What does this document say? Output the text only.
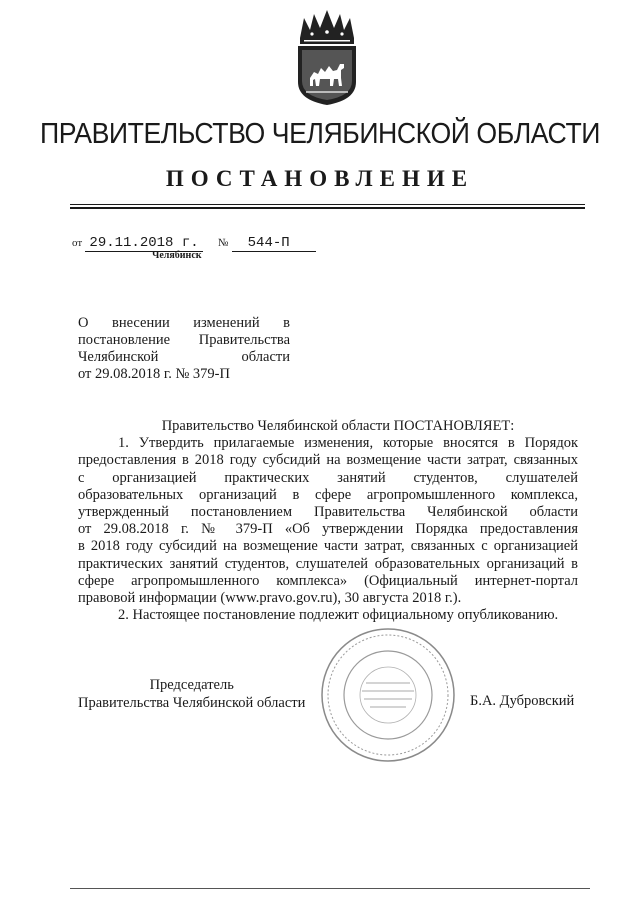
ПРАВИТЕЛЬСТВО ЧЕЛЯБИНСКОЙ ОБЛАСТИ
ПОСТАНОВЛЕНИЕ
от 29.11.2018 г. № 544-П
Челябинск
О внесении изменений в
постановление Правительства
Челябинской области
от 29.08.2018 г. № 379-П
Правительство Челябинской области ПОСТАНОВЛЯЕТ:
1. Утвердить прилагаемые изменения, которые вносятся в Порядок
предоставления в 2018 году субсидий на возмещение части затрат, связанных
с организацией практических занятий студентов, слушателей
образовательных организаций в сфере агропромышленного комплекса,
утвержденный постановлением Правительства Челябинской области
от 29.08.2018 г. № 379-П «Об утверждении Порядка предоставления
в 2018 году субсидий на возмещение части затрат, связанных с организацией
практических занятий студентов, слушателей образовательных организаций в
сфере агропромышленного комплекса» (Официальный интернет-портал
правовой информации (www.pravo.gov.ru), 30 августа 2018 г.).
2. Настоящее постановление подлежит официальному опубликованию.
Председатель
Правительства Челябинской области	Б.А. Дубровский
